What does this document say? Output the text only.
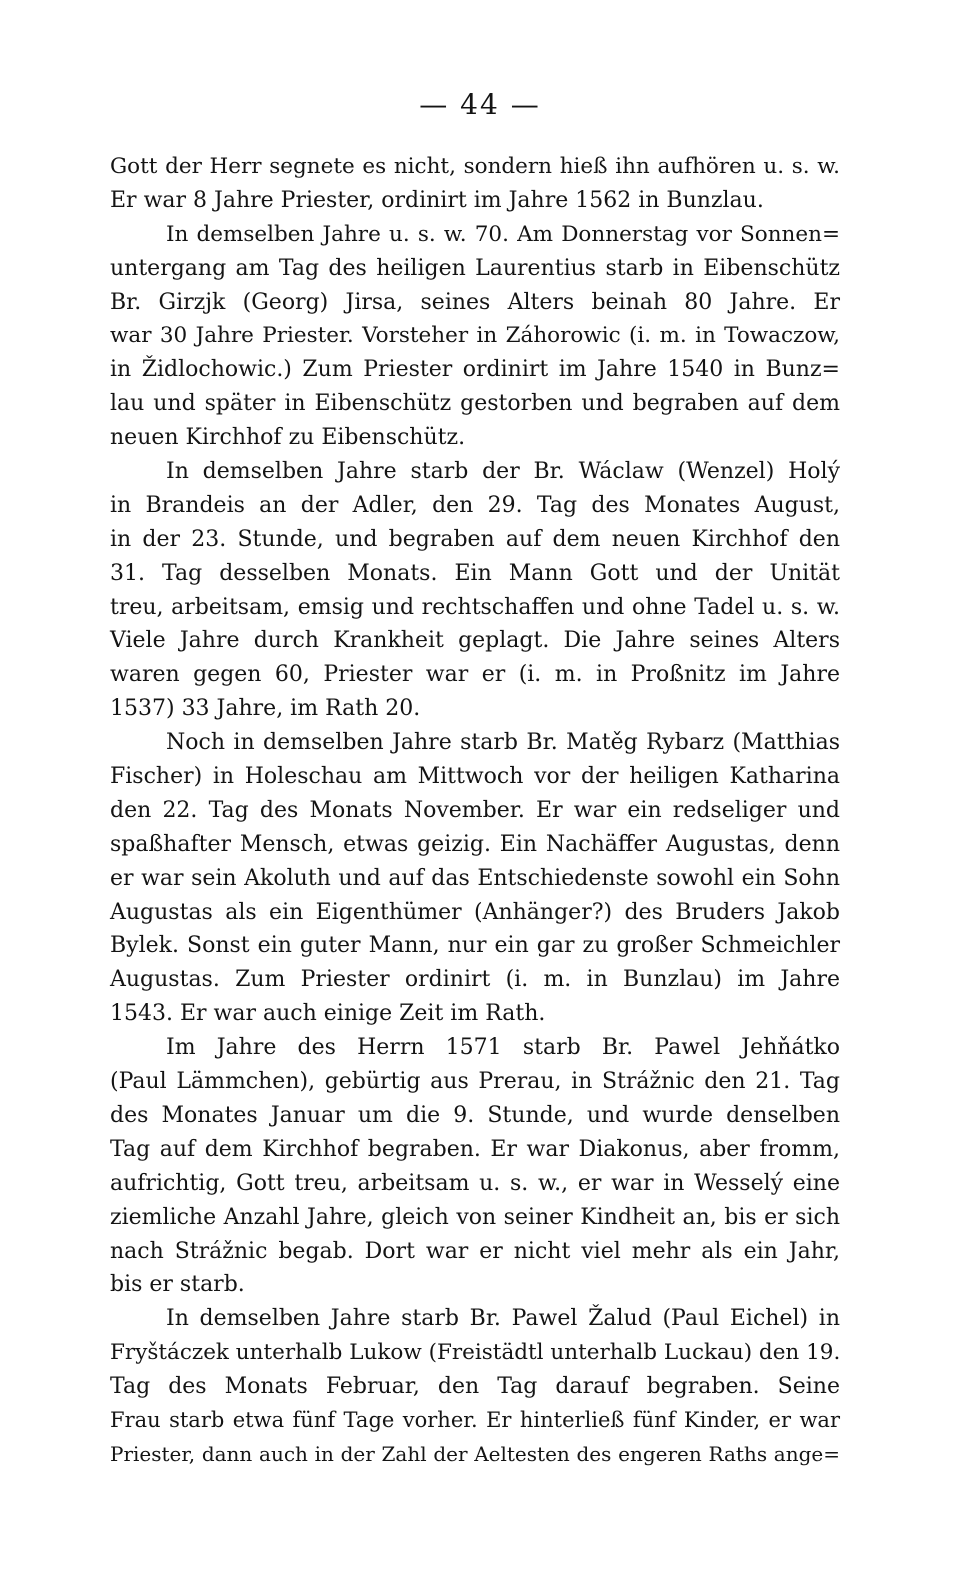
— 44 —
Gott der Herr segnete es nicht, sondern hieß ihn aufhören u. s. w.
Er war 8 Jahre Priester, ordinirt im Jahre 1562 in Bunzlau.
In demselben Jahre u. s. w. 70. Am Donnerstag vor Sonnen=
untergang am Tag des heiligen Laurentius starb in Eibenschütz
Br. Girzjk (Georg) Jirsa, seines Alters beinah 80 Jahre. Er
war 30 Jahre Priester. Vorsteher in Záhorowic (i. m. in Towaczow,
in Židlochowic.) Zum Priester ordinirt im Jahre 1540 in Bunz=
lau und später in Eibenschütz gestorben und begraben auf dem
neuen Kirchhof zu Eibenschütz.
In demselben Jahre starb der Br. Wáclaw (Wenzel) Holý
in Brandeis an der Adler, den 29. Tag des Monates August,
in der 23. Stunde, und begraben auf dem neuen Kirchhof den
31. Tag desselben Monats. Ein Mann Gott und der Unität
treu, arbeitsam, emsig und rechtschaffen und ohne Tadel u. s. w.
Viele Jahre durch Krankheit geplagt. Die Jahre seines Alters
waren gegen 60, Priester war er (i. m. in Proßnitz im Jahre
1537) 33 Jahre, im Rath 20.
Noch in demselben Jahre starb Br. Matěg Rybarz (Matthias
Fischer) in Holeschau am Mittwoch vor der heiligen Katharina
den 22. Tag des Monats November. Er war ein redseliger und
spaßhafter Mensch, etwas geizig. Ein Nachäffer Augustas, denn
er war sein Akoluth und auf das Entschiedenste sowohl ein Sohn
Augustas als ein Eigenthümer (Anhänger?) des Bruders Jakob
Bylek. Sonst ein guter Mann, nur ein gar zu großer Schmeichler
Augustas. Zum Priester ordinirt (i. m. in Bunzlau) im Jahre
1543. Er war auch einige Zeit im Rath.
Im Jahre des Herrn 1571 starb Br. Pawel Jehňátko
(Paul Lämmchen), gebürtig aus Prerau, in Strážnic den 21. Tag
des Monates Januar um die 9. Stunde, und wurde denselben
Tag auf dem Kirchhof begraben. Er war Diakonus, aber fromm,
aufrichtig, Gott treu, arbeitsam u. s. w., er war in Wesselý eine
ziemliche Anzahl Jahre, gleich von seiner Kindheit an, bis er sich
nach Strážnic begab. Dort war er nicht viel mehr als ein Jahr,
bis er starb.
In demselben Jahre starb Br. Pawel Žalud (Paul Eichel) in
Fryštáczek unterhalb Lukow (Freistädtl unterhalb Luckau) den 19.
Tag des Monats Februar, den Tag darauf begraben. Seine
Frau starb etwa fünf Tage vorher. Er hinterließ fünf Kinder, er war
Priester, dann auch in der Zahl der Aeltesten des engeren Raths ange=
